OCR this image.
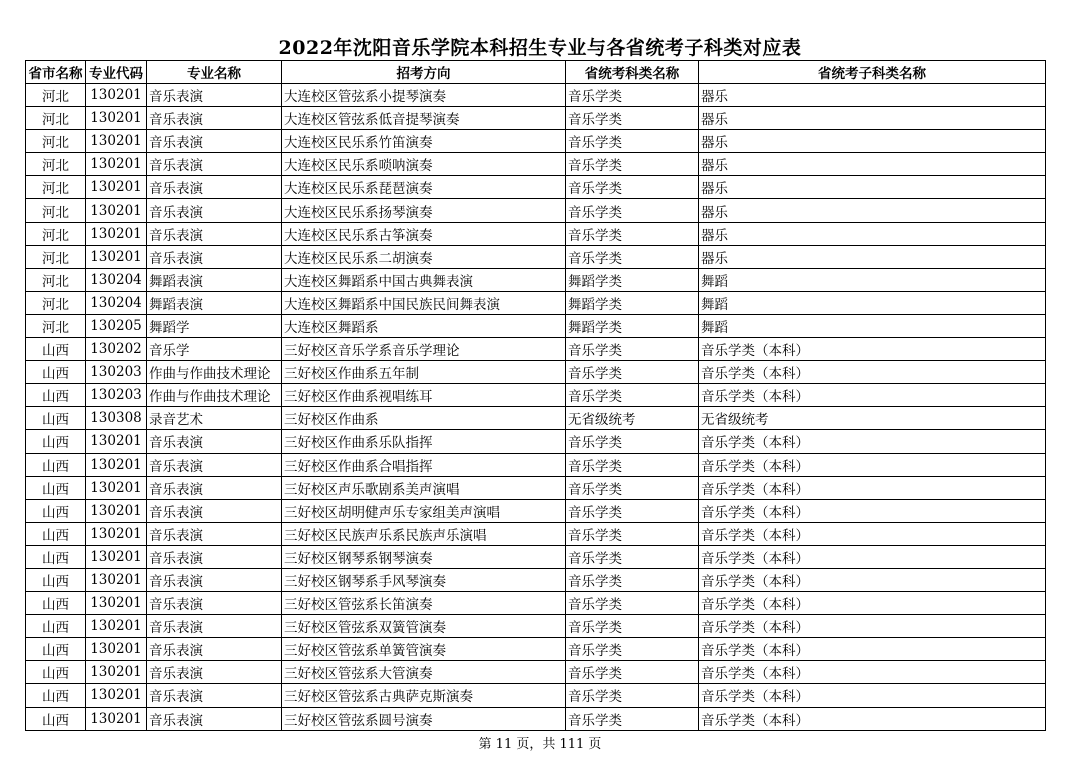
2022年沈阳音乐学院本科招生专业与各省统考子科类对应表
省市名称	专业代码	专业名称	招考方向	省统考科类名称	省统考子科类名称
河北	130201	音乐表演	大连校区管弦系小提琴演奏	音乐学类	器乐
河北	130201	音乐表演	大连校区管弦系低音提琴演奏	音乐学类	器乐
河北	130201	音乐表演	大连校区民乐系竹笛演奏	音乐学类	器乐
河北	130201	音乐表演	大连校区民乐系唢呐演奏	音乐学类	器乐
河北	130201	音乐表演	大连校区民乐系琵琶演奏	音乐学类	器乐
河北	130201	音乐表演	大连校区民乐系扬琴演奏	音乐学类	器乐
河北	130201	音乐表演	大连校区民乐系古筝演奏	音乐学类	器乐
河北	130201	音乐表演	大连校区民乐系二胡演奏	音乐学类	器乐
河北	130204	舞蹈表演	大连校区舞蹈系中国古典舞表演	舞蹈学类	舞蹈
河北	130204	舞蹈表演	大连校区舞蹈系中国民族民间舞表演	舞蹈学类	舞蹈
河北	130205	舞蹈学	大连校区舞蹈系	舞蹈学类	舞蹈
山西	130202	音乐学	三好校区音乐学系音乐学理论	音乐学类	音乐学类（本科）
山西	130203	作曲与作曲技术理论	三好校区作曲系五年制	音乐学类	音乐学类（本科）
山西	130203	作曲与作曲技术理论	三好校区作曲系视唱练耳	音乐学类	音乐学类（本科）
山西	130308	录音艺术	三好校区作曲系	无省级统考	无省级统考
山西	130201	音乐表演	三好校区作曲系乐队指挥	音乐学类	音乐学类（本科）
山西	130201	音乐表演	三好校区作曲系合唱指挥	音乐学类	音乐学类（本科）
山西	130201	音乐表演	三好校区声乐歌剧系美声演唱	音乐学类	音乐学类（本科）
山西	130201	音乐表演	三好校区胡明健声乐专家组美声演唱	音乐学类	音乐学类（本科）
山西	130201	音乐表演	三好校区民族声乐系民族声乐演唱	音乐学类	音乐学类（本科）
山西	130201	音乐表演	三好校区钢琴系钢琴演奏	音乐学类	音乐学类（本科）
山西	130201	音乐表演	三好校区钢琴系手风琴演奏	音乐学类	音乐学类（本科）
山西	130201	音乐表演	三好校区管弦系长笛演奏	音乐学类	音乐学类（本科）
山西	130201	音乐表演	三好校区管弦系双簧管演奏	音乐学类	音乐学类（本科）
山西	130201	音乐表演	三好校区管弦系单簧管演奏	音乐学类	音乐学类（本科）
山西	130201	音乐表演	三好校区管弦系大管演奏	音乐学类	音乐学类（本科）
山西	130201	音乐表演	三好校区管弦系古典萨克斯演奏	音乐学类	音乐学类（本科）
山西	130201	音乐表演	三好校区管弦系圆号演奏	音乐学类	音乐学类（本科）
第 11 页，共 111 页
